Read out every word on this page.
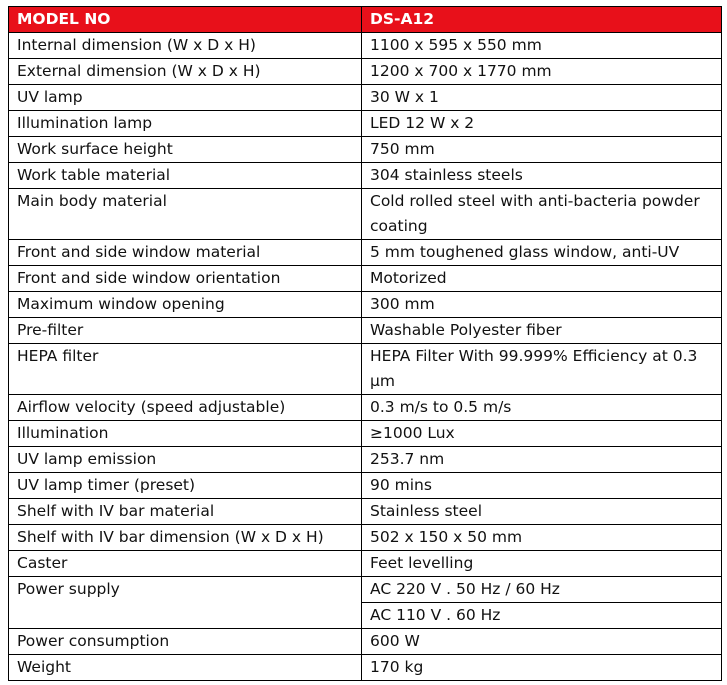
MODEL NO	DS-A12
Internal dimension (W x D x H)	1100 x 595 x 550 mm
External dimension (W x D x H)	1200 x 700 x 1770 mm
UV lamp	30 W x 1
Illumination lamp	LED 12 W x 2
Work surface height	750 mm
Work table material	304 stainless steels
Main body material	Cold rolled steel with anti-bacteria powder coating
Front and side window material	5 mm toughened glass window, anti-UV
Front and side window orientation	Motorized
Maximum window opening	300 mm
Pre-filter	Washable Polyester fiber
HEPA filter	HEPA Filter With 99.999% Efficiency at 0.3 µm
Airflow velocity (speed adjustable)	0.3 m/s to 0.5 m/s
Illumination	≥1000 Lux
UV lamp emission	253.7 nm
UV lamp timer (preset)	90 mins
Shelf with IV bar material	Stainless steel
Shelf with IV bar dimension (W x D x H)	502 x 150 x 50 mm
Caster	Feet levelling
Power supply	AC 220 V . 50 Hz / 60 Hz
	AC 110 V . 60 Hz
Power consumption	600 W
Weight	170 kg
